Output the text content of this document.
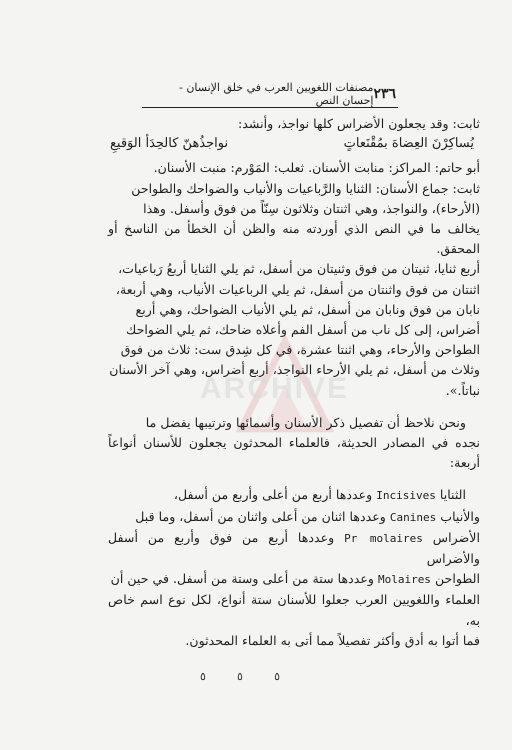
٢٣٦
مصنفات اللغويين العرب في خلق الإنسان - إحسان النص
ARCHIVE

ثابت: وقد يجعلون الأضراس كلها نواجذ، وأنشد:

يُساكِرْنَ العِضاهَ بمُقْنَعاتٍ
نواجذُهنّ كالحِدَأ الوَقيعِ

أبو حاتم: المراكز: منابت الأسنان. ثعلب: المَوْرم: منبت الأسنان.

ثابت: جماع الأسنان: الثنايا والرَّباعيات والأنياب والضواحك والطواحن

(الأرحاء)، والنواجذ، وهي اثنتان وثلاثون سِنّاً من فوق وأسفل. وهذا

يخالف ما في النص الذي أوردته منه والظن أن الخطأ من الناسخ أو المحقق.

أربع ثنايا، ثنيتان من فوق وثنيتان من أسفل، ثم يلي الثنايا أربعُ رَباعيات،

اثنتان من فوق واثنتان من أسفل، ثم يلي الرباعيات الأنياب، وهي أربعة،

نابان من فوق ونابان من أسفل، ثم يلي الأنياب الضواحك، وهي أربع

أضراس، إلى كل ناب من أسفل الفم وأعلاه ضاحك، ثم يلي الضواحك

الطواحن والأرحاء، وهي اثنتا عشرة، في كل شِدق ست: ثلاث من فوق

وثلاث من أسفل، ثم يلي الأرحاء النواجذ، أربع أضراس، وهي آخر الأسنان

نباتاً.».

ونحن نلاحظ أن تفصيل ذكر الأسنان وأسمائها وترتيبها يفضل ما

نجده في المصادر الحديثة، فالعلماء المحدثون يجعلون للأسنان أنواعاً أربعة:

الثنايا Incisives وعددها أربع من أعلى وأربع من أسفل،

والأنياب Canines وعددها اثنان من أعلى واثنان من أسفل، وما قبل

الأضراس Pr molaires وعددها أربع من فوق وأربع من أسفل والأضراس

الطواحن Molaires وعددها ستة من أعلى وستة من أسفل. في حين أن

العلماء واللغويين العرب جعلوا للأسنان ستة أنواع، لكل نوع اسم خاص به،

فما أتوا به أدق وأكثر تفصيلاً مما أتى به العلماء المحدثون.

٥	٥	٥
